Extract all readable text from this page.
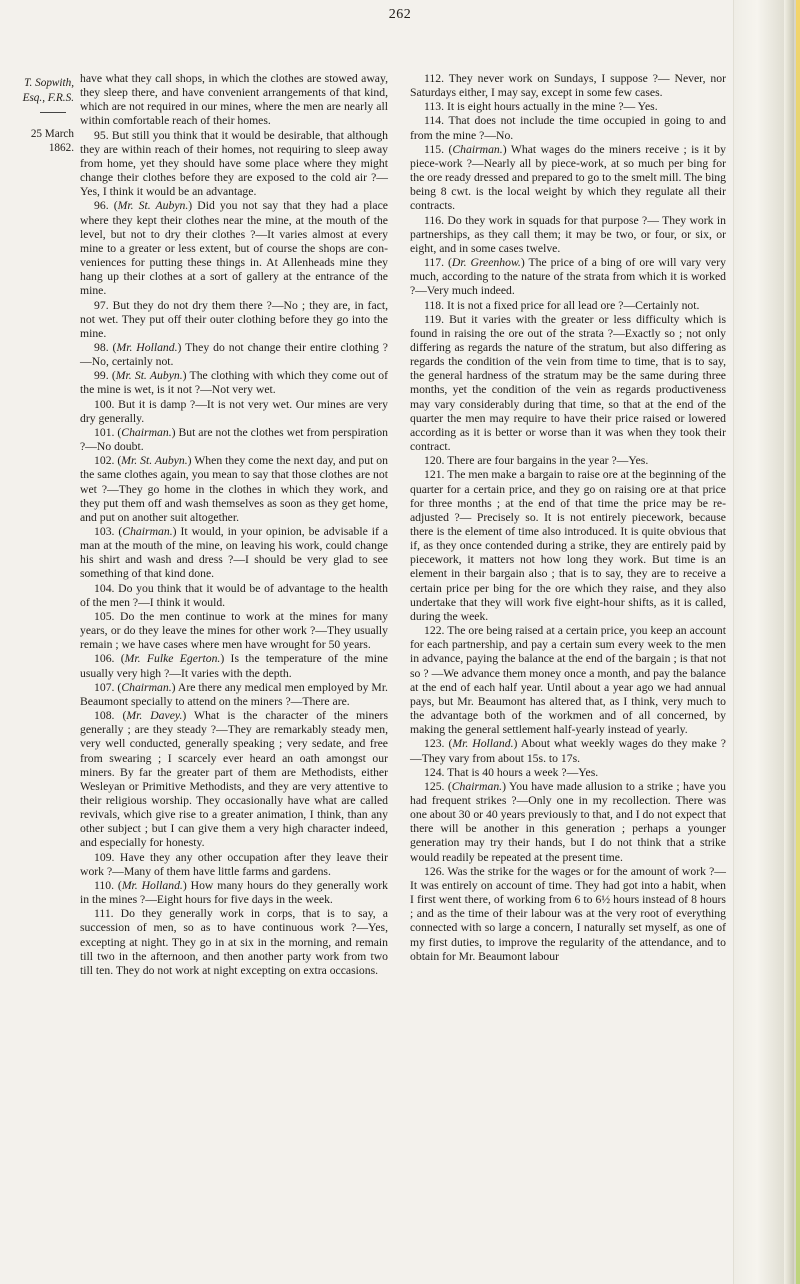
262
T. Sopwith, Esq., F.R.S.
25 March 1862.

have what they call shops, in which the clothes are stowed away, they sleep there, and have convenient arrangements of that kind, which are not required in our mines, where the men are nearly all within comfortable reach of their homes.

95. But still you think that it would be desirable, that although they are within reach of their homes, not requiring to sleep away from home, yet they should have some place where they might change their clothes before they are exposed to the cold air ?—Yes, I think it would be an advantage.

96. (Mr. St. Aubyn.) Did you not say that they had a place where they kept their clothes near the mine, at the mouth of the level, but not to dry their clothes ?—It varies almost at every mine to a greater or less extent, but of course the shops are conveniences for putting these things in. At Allenheads mine they hang up their clothes at a sort of gallery at the entrance of the mine.

97. But they do not dry them there ?—No ; they are, in fact, not wet. They put off their outer clothing before they go into the mine.

98. (Mr. Holland.) They do not change their entire clothing ?—No, certainly not.

99. (Mr. St. Aubyn.) The clothing with which they come out of the mine is wet, is it not ?—Not very wet.

100. But it is damp ?—It is not very wet. Our mines are very dry generally.

101. (Chairman.) But are not the clothes wet from perspiration ?—No doubt.

102. (Mr. St. Aubyn.) When they come the next day, and put on the same clothes again, you mean to say that those clothes are not wet ?—They go home in the clothes in which they work, and they put them off and wash themselves as soon as they get home, and put on another suit altogether.

103. (Chairman.) It would, in your opinion, be advisable if a man at the mouth of the mine, on leaving his work, could change his shirt and wash and dress ?—I should be very glad to see something of that kind done.

104. Do you think that it would be of advantage to the health of the men ?—I think it would.

105. Do the men continue to work at the mines for many years, or do they leave the mines for other work ?—They usually remain ; we have cases where men have wrought for 50 years.

106. (Mr. Fulke Egerton.) Is the temperature of the mine usually very high ?—It varies with the depth.

107. (Chairman.) Are there any medical men employed by Mr. Beaumont specially to attend on the miners ?—There are.

108. (Mr. Davey.) What is the character of the miners generally ; are they steady ?—They are remarkably steady men, very well conducted, generally speaking ; very sedate, and free from swearing ; I scarcely ever heard an oath amongst our miners. By far the greater part of them are Methodists, either Wesleyan or Primitive Methodists, and they are very attentive to their religious worship. They occasionally have what are called revivals, which give rise to a greater animation, I think, than any other subject ; but I can give them a very high character indeed, and especially for honesty.

109. Have they any other occupation after they leave their work ?—Many of them have little farms and gardens.

110. (Mr. Holland.) How many hours do they generally work in the mines ?—Eight hours for five days in the week.

111. Do they generally work in corps, that is to say, a succession of men, so as to have continuous work ?—Yes, excepting at night. They go in at six in the morning, and remain till two in the afternoon, and then another party work from two till ten. They do not work at night excepting on extra occasions.

112. They never work on Sundays, I suppose ?— Never, nor Saturdays either, I may say, except in some few cases.

113. It is eight hours actually in the mine ?— Yes.

114. That does not include the time occupied in going to and from the mine ?—No.

115. (Chairman.) What wages do the miners receive ; is it by piece-work ?—Nearly all by piece-work, at so much per bing for the ore ready dressed and prepared to go to the smelt mill. The bing being 8 cwt. is the local weight by which they regulate all their contracts.

116. Do they work in squads for that purpose ?— They work in partnerships, as they call them; it may be two, or four, or six, or eight, and in some cases twelve.

117. (Dr. Greenhow.) The price of a bing of ore will vary very much, according to the nature of the strata from which it is worked ?—Very much indeed.

118. It is not a fixed price for all lead ore ?—Certainly not.

119. But it varies with the greater or less difficulty which is found in raising the ore out of the strata ?—Exactly so ; not only differing as regards the nature of the stratum, but also differing as regards the condition of the vein from time to time, that is to say, the general hardness of the stratum may be the same during three months, yet the condition of the vein as regards productiveness may vary considerably during that time, so that at the end of the quarter the men may require to have their price raised or lowered according as it is better or worse than it was when they took their contract.

120. There are four bargains in the year ?—Yes.

121. The men make a bargain to raise ore at the beginning of the quarter for a certain price, and they go on raising ore at that price for three months ; at the end of that time the price may be re-adjusted ?— Precisely so. It is not entirely piecework, because there is the element of time also introduced. It is quite obvious that if, as they once contended during a strike, they are entirely paid by piecework, it matters not how long they work. But time is an element in their bargain also ; that is to say, they are to receive a certain price per bing for the ore which they raise, and they also undertake that they will work five eight-hour shifts, as it is called, during the week.

122. The ore being raised at a certain price, you keep an account for each partnership, and pay a certain sum every week to the men in advance, paying the balance at the end of the bargain ; is that not so ? —We advance them money once a month, and pay the balance at the end of each half year. Until about a year ago we had annual pays, but Mr. Beaumont has altered that, as I think, very much to the advantage both of the workmen and of all concerned, by making the general settlement half-yearly instead of yearly.

123. (Mr. Holland.) About what weekly wages do they make ?—They vary from about 15s. to 17s.

124. That is 40 hours a week ?—Yes.

125. (Chairman.) You have made allusion to a strike ; have you had frequent strikes ?—Only one in my recollection. There was one about 30 or 40 years previously to that, and I do not expect that there will be another in this generation ; perhaps a younger generation may try their hands, but I do not think that a strike would readily be repeated at the present time.

126. Was the strike for the wages or for the amount of work ?—It was entirely on account of time. They had got into a habit, when I first went there, of working from 6 to 6½ hours instead of 8 hours ; and as the time of their labour was at the very root of everything connected with so large a concern, I naturally set myself, as one of my first duties, to improve the regularity of the attendance, and to obtain for Mr. Beaumont labour
